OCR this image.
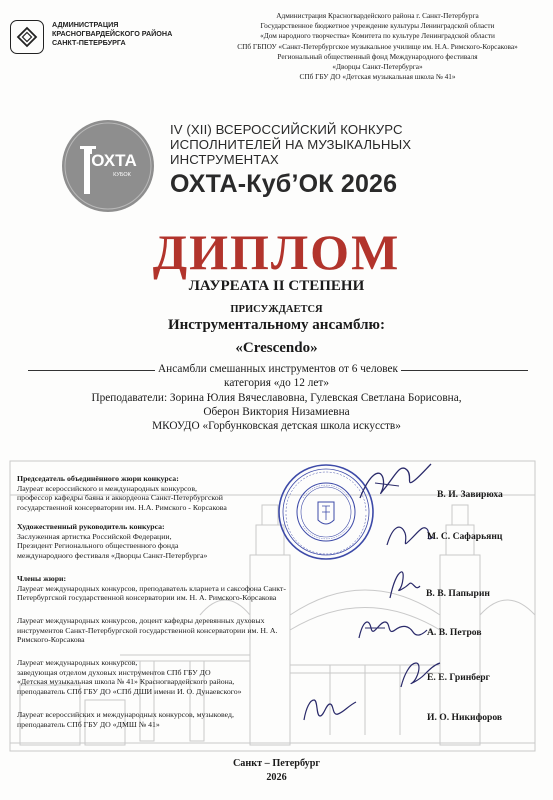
АДМИНИСТРАЦИЯ
КРАСНОГВАРДЕЙСКОГО РАЙОНА
САНКТ-ПЕТЕРБУРГА
Администрация Красногвардейского района г. Санкт-Петербурга
Государственное бюджетное учреждение культуры Ленинградской области
«Дом народного творчества» Комитета по культуре Ленинградской области
СПб ГБПОУ «Санкт-Петербургское музыкальное училище им. Н.А. Римского-Корсакова»
Региональный общественный фонд Международного фестиваля
«Дворцы Санкт-Петербурга»
СПб ГБУ ДО «Детская музыкальная школа № 41»
ОХТА
КУБОК
IV (XII) ВСЕРОССИЙСКИЙ КОНКУРС
ИСПОЛНИТЕЛЕЙ НА МУЗЫКАЛЬНЫХ
ИНСТРУМЕНТАХ
ОХТА-Куб’ОК 2026
ДИПЛОМ
ЛАУРЕАТА II СТЕПЕНИ
ПРИСУЖДАЕТСЯ
Инструментальному ансамблю:
«Crescendo»
Ансамбли смешанных инструментов от 6 человек
категория «до 12 лет»
Преподаватели: Зорина Юлия Вячеславовна, Гулевская Светлана Борисовна,
Оберон Виктория Низамиевна
МКОУДО «Горбунковская детская школа искусств»
Председатель объединённого жюри конкурса:
Лауреат всероссийского и международных конкурсов,
профессор кафедры баяна и аккордеона Санкт-Петербургской
государственной консерватории им. Н.А. Римского - Корсакова
Художественный руководитель конкурса:
Заслуженная артистка Российской Федерации,
Президент Регионального общественного фонда
международного фестиваля «Дворцы Санкт-Петербурга»
Члены жюри:
Лауреат международных конкурсов, преподаватель кларнета и саксофона Санкт-
Петербургской государственной консерватории им. Н. А. Римского-Корсакова
Лауреат международных конкурсов, доцент кафедры деревянных духовых
инструментов Санкт-Петербургской государственной консерватории им. Н. А.
Римского-Корсакова
Лауреат международных конкурсов,
заведующая отделом духовых инструментов СПб ГБУ ДО
«Детская музыкальная школа № 41» Красногвардейского района,
преподаватель СПб ГБУ ДО «СПб ДШИ имени И. О. Дунаевского»
Лауреат всероссийских и международных конкурсов, музыковед,
преподаватель СПб ГБУ ДО «ДМШ № 41»
В. И. Завирюха
М. С. Сафарьянц
В. В. Папырин
А. В. Петров
Е. Е. Гринберг
И. О. Никифоров
Санкт – Петербург
2026
